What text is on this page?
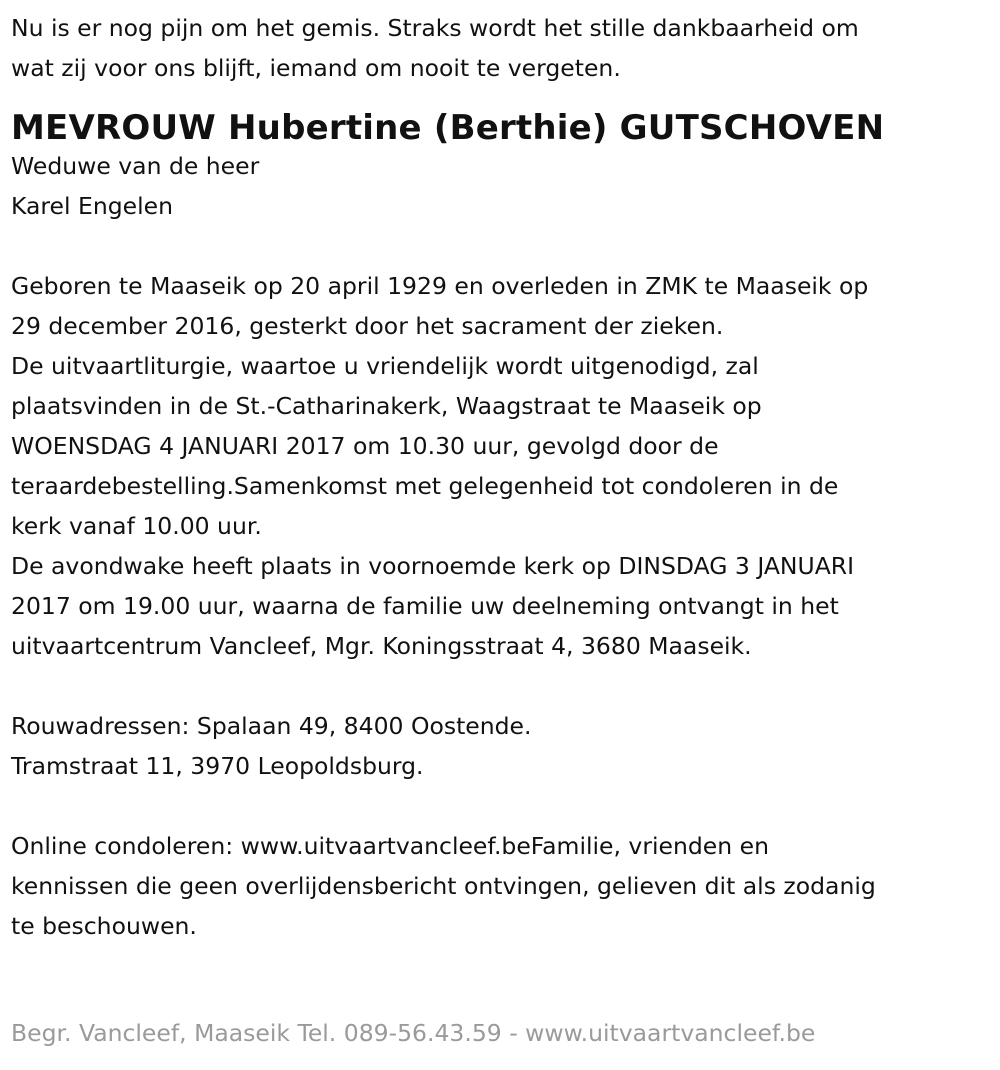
Nu is er nog pijn om het gemis. Straks wordt het stille dankbaarheid om

wat zij voor ons blijft, iemand om nooit te vergeten.

MEVROUW Hubertine (Berthie) GUTSCHOVEN

Weduwe van de heer

Karel Engelen

Geboren te Maaseik op 20 april 1929 en overleden in ZMK te Maaseik op

29 december 2016, gesterkt door het sacrament der zieken.

De uitvaartliturgie, waartoe u vriendelijk wordt uitgenodigd, zal

plaatsvinden in de St.-Catharinakerk, Waagstraat te Maaseik op

WOENSDAG 4 JANUARI 2017 om 10.30 uur, gevolgd door de

teraardebestelling.Samenkomst met gelegenheid tot condoleren in de

kerk vanaf 10.00 uur.

De avondwake heeft plaats in voornoemde kerk op DINSDAG 3 JANUARI

2017 om 19.00 uur, waarna de familie uw deelneming ontvangt in het

uitvaartcentrum Vancleef, Mgr. Koningsstraat 4, 3680 Maaseik.

Rouwadressen: Spalaan 49, 8400 Oostende.

Tramstraat 11, 3970 Leopoldsburg.

Online condoleren: www.uitvaartvancleef.beFamilie, vrienden en

kennissen die geen overlijdensbericht ontvingen, gelieven dit als zodanig

te beschouwen.

Begr. Vancleef, Maaseik Tel. 089-56.43.59 - www.uitvaartvancleef.be
